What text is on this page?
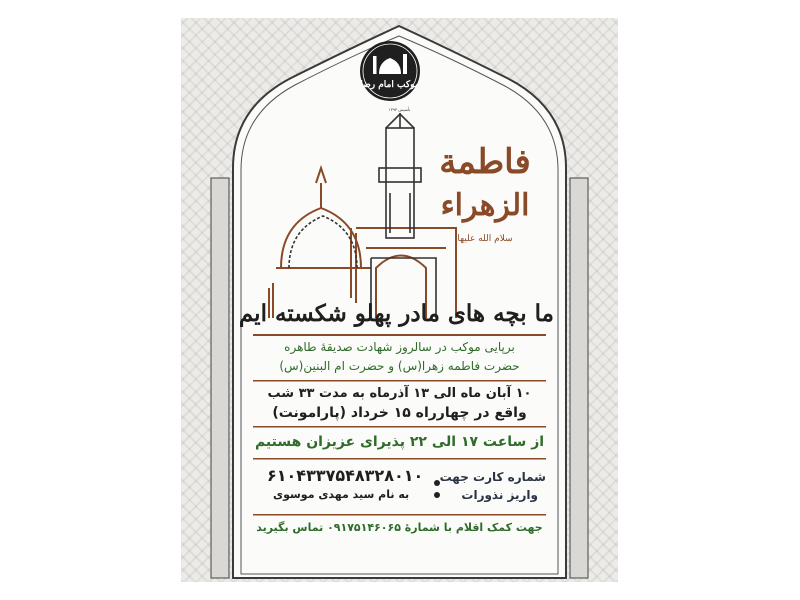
موکب امام رضا
تأسیس ۱۳۹۳
فاطمة
الزهراء
سلام الله علیها
ما بچه های مادر پهلو شکسته ایم
برپایی موکب در سالروز شهادت صدیقهٔ طاهره
حضرت فاطمه زهرا(س) و حضرت ام البنین(س)
۱۰ آبان ماه الی ۱۳ آذرماه به مدت ۳۳ شب
واقع در چهارراه ۱۵ خرداد (پارامونت)
از ساعت ۱۷ الی ۲۲ پذیرای عزیزان هستیم
شماره کارت جهت
واریز نذورات
۶۱۰۴۳۳۷۵۴۸۳۲۸۰۱۰
به نام سید مهدی موسوی
جهت کمک اقلام با شمارهٔ ۰۹۱۷۵۱۴۶۰۶۵ تماس بگیرید
